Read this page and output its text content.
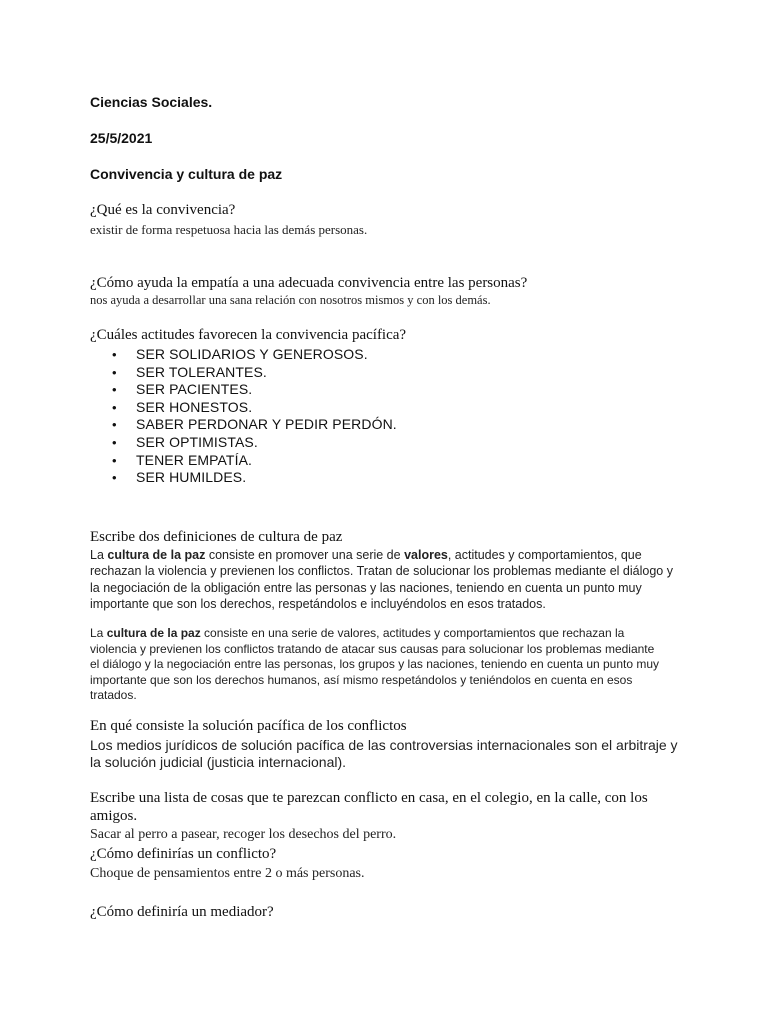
Ciencias Sociales.
25/5/2021
Convivencia y cultura de paz
¿Qué es la convivencia?
existir de forma respetuosa hacia las demás personas.
¿Cómo ayuda la empatía a una adecuada convivencia entre las personas?
nos ayuda a desarrollar una sana relación con nosotros mismos y con los demás.
¿Cuáles actitudes favorecen la convivencia pacífica?
• SER SOLIDARIOS Y GENEROSOS.
• SER TOLERANTES.
• SER PACIENTES.
• SER HONESTOS.
• SABER PERDONAR Y PEDIR PERDÓN.
• SER OPTIMISTAS.
• TENER EMPATÍA.
• SER HUMILDES.
Escribe dos definiciones de cultura de paz
La cultura de la paz consiste en promover una serie de valores, actitudes y comportamientos, que rechazan la violencia y previenen los conflictos. Tratan de solucionar los problemas mediante el diálogo y la negociación de la obligación entre las personas y las naciones, teniendo en cuenta un punto muy importante que son los derechos, respetándolos e incluyéndolos en esos tratados.
La cultura de la paz consiste en una serie de valores, actitudes y comportamientos que rechazan la violencia y previenen los conflictos tratando de atacar sus causas para solucionar los problemas mediante el diálogo y la negociación entre las personas, los grupos y las naciones, teniendo en cuenta un punto muy importante que son los derechos humanos, así mismo respetándolos y teniéndolos en cuenta en esos tratados.
En qué consiste la solución pacífica de los conflictos
Los medios jurídicos de solución pacífica de las controversias internacionales son el arbitraje y la solución judicial (justicia internacional).
Escribe una lista de cosas que te parezcan conflicto en casa, en el colegio, en la calle, con los amigos.
Sacar al perro a pasear, recoger los desechos del perro.
¿Cómo definirías un conflicto?
Choque de pensamientos entre 2 o más personas.
¿Cómo definiría un mediador?
